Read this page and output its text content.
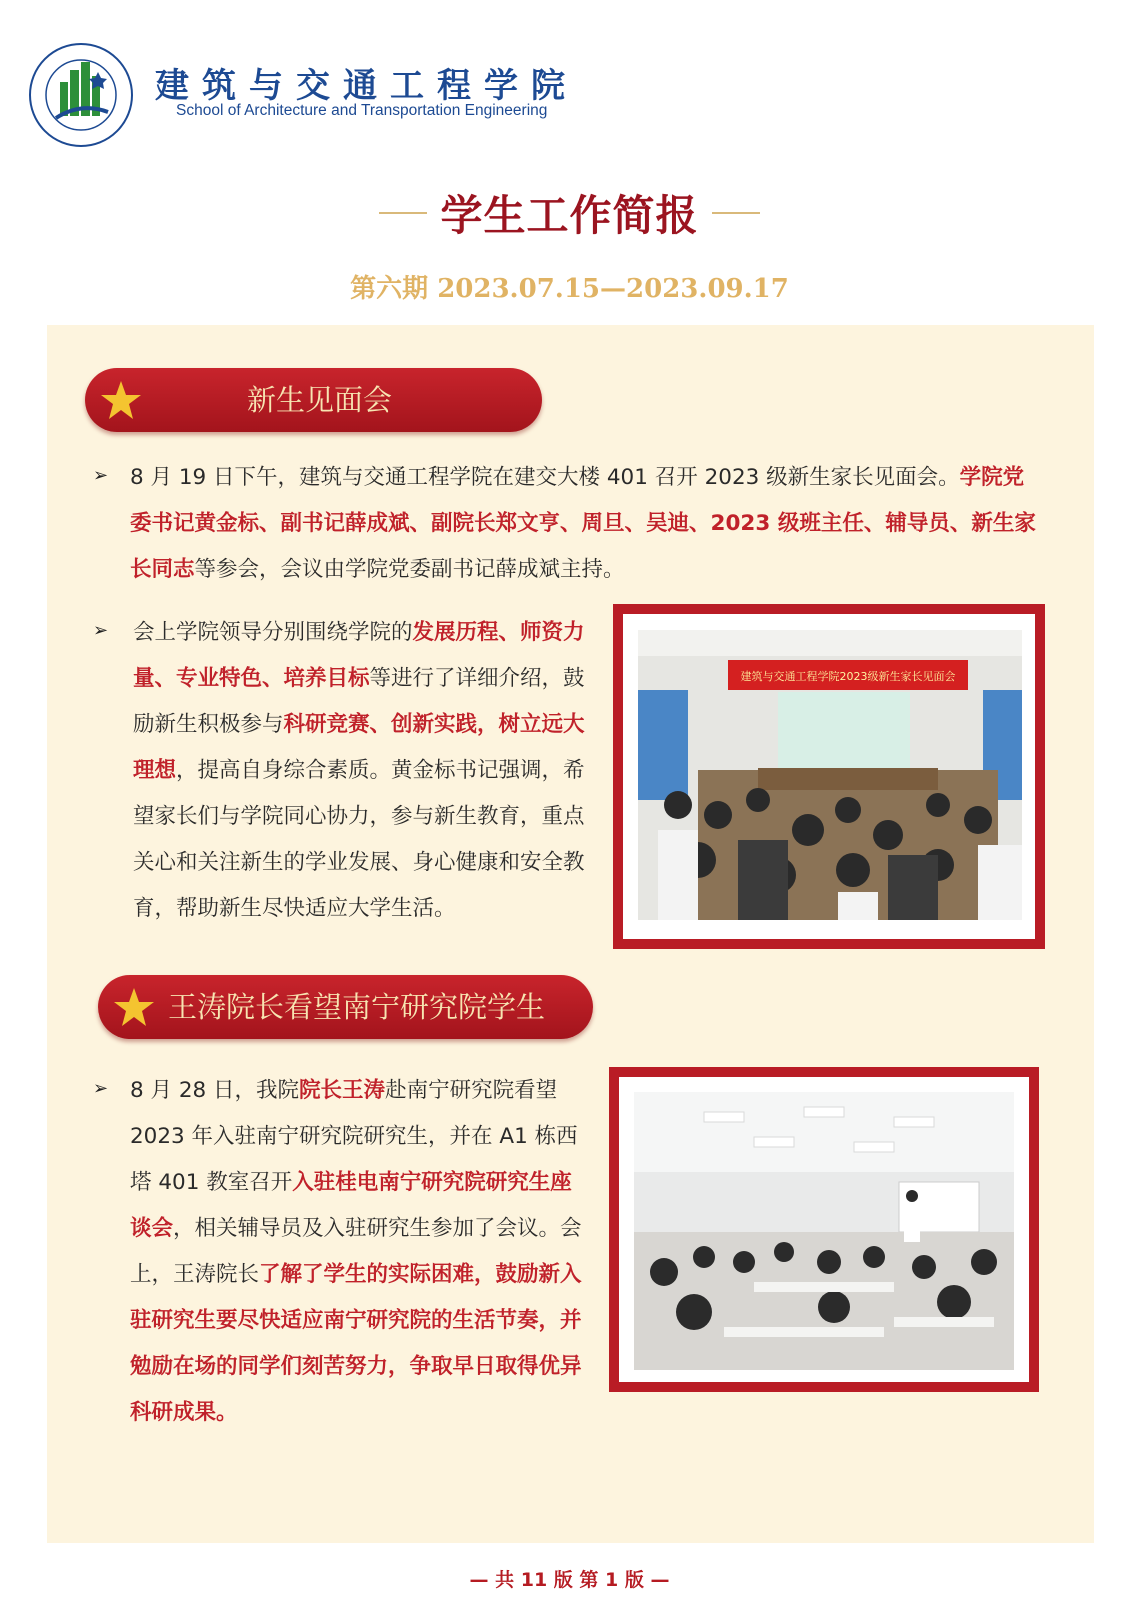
建筑与交通工程学院
School of Architecture and Transportation Engineering
学生工作简报
第六期 2023.07.15—2023.09.17
新生见面会
➢ 8 月 19 日下午，建筑与交通工程学院在建交大楼 401 召开 2023 级新生家长见面会。学院党委书记黄金标、副书记薛成斌、副院长郑文亨、周旦、吴迪、2023 级班主任、辅导员、新生家长同志等参会，会议由学院党委副书记薛成斌主持。
➢ 会上学院领导分别围绕学院的发展历程、师资力量、专业特色、培养目标等进行了详细介绍，鼓励新生积极参与科研竞赛、创新实践，树立远大理想，提高自身综合素质。黄金标书记强调，希望家长们与学院同心协力，参与新生教育，重点关心和关注新生的学业发展、身心健康和安全教育，帮助新生尽快适应大学生活。
建筑与交通工程学院2023级新生家长见面会
王涛院长看望南宁研究院学生
➢ 8 月 28 日，我院院长王涛赴南宁研究院看望 2023 年入驻南宁研究院研究生，并在 A1 栋西塔 401 教室召开入驻桂电南宁研究院研究生座谈会，相关辅导员及入驻研究生参加了会议。会上，王涛院长了解了学生的实际困难，鼓励新入驻研究生要尽快适应南宁研究院的生活节奏，并勉励在场的同学们刻苦努力，争取早日取得优异科研成果。
— 共 11 版 第 1 版 —
